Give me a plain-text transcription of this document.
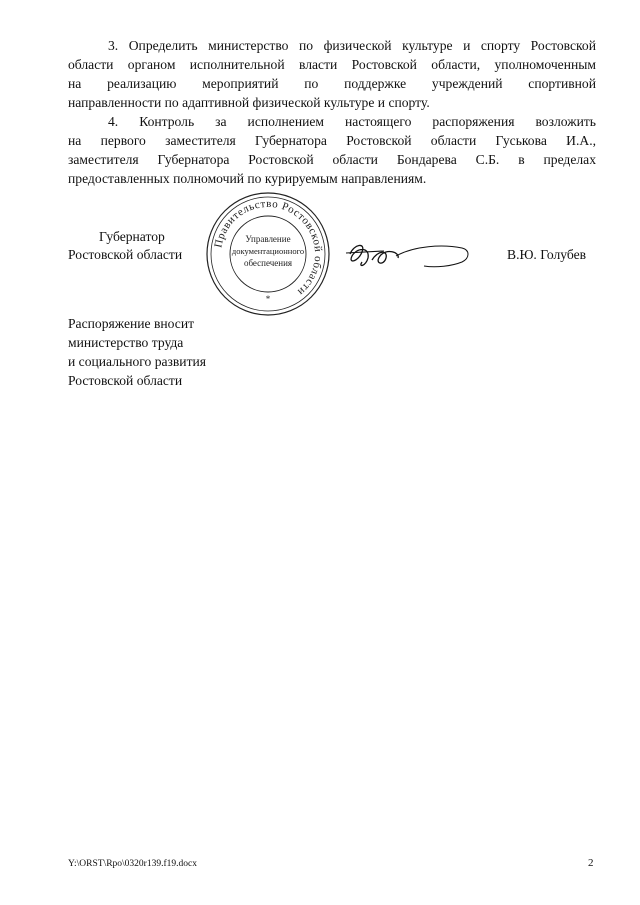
3. Определить министерство по физической культуре и спорту Ростовской
области органом исполнительной власти Ростовской области, уполномоченным
на реализацию мероприятий по поддержке учреждений спортивной
направленности по адаптивной физической культуре и спорту.

4. Контроль за исполнением настоящего распоряжения возложить
на первого заместителя Губернатора Ростовской области Гуськова И.А.,
заместителя Губернатора Ростовской области Бондарева С.Б. в пределах
предоставленных полномочий по курируемым направлениям.

Губернатор
Ростовской области
Правительство Ростовской области
Управление
документационного
обеспечения
*
В.Ю. Голубев
Распоряжение вносит
министерство труда
и социального развития
Ростовской области
Y:\ORST\Rpo\0320r139.f19.docx	2
